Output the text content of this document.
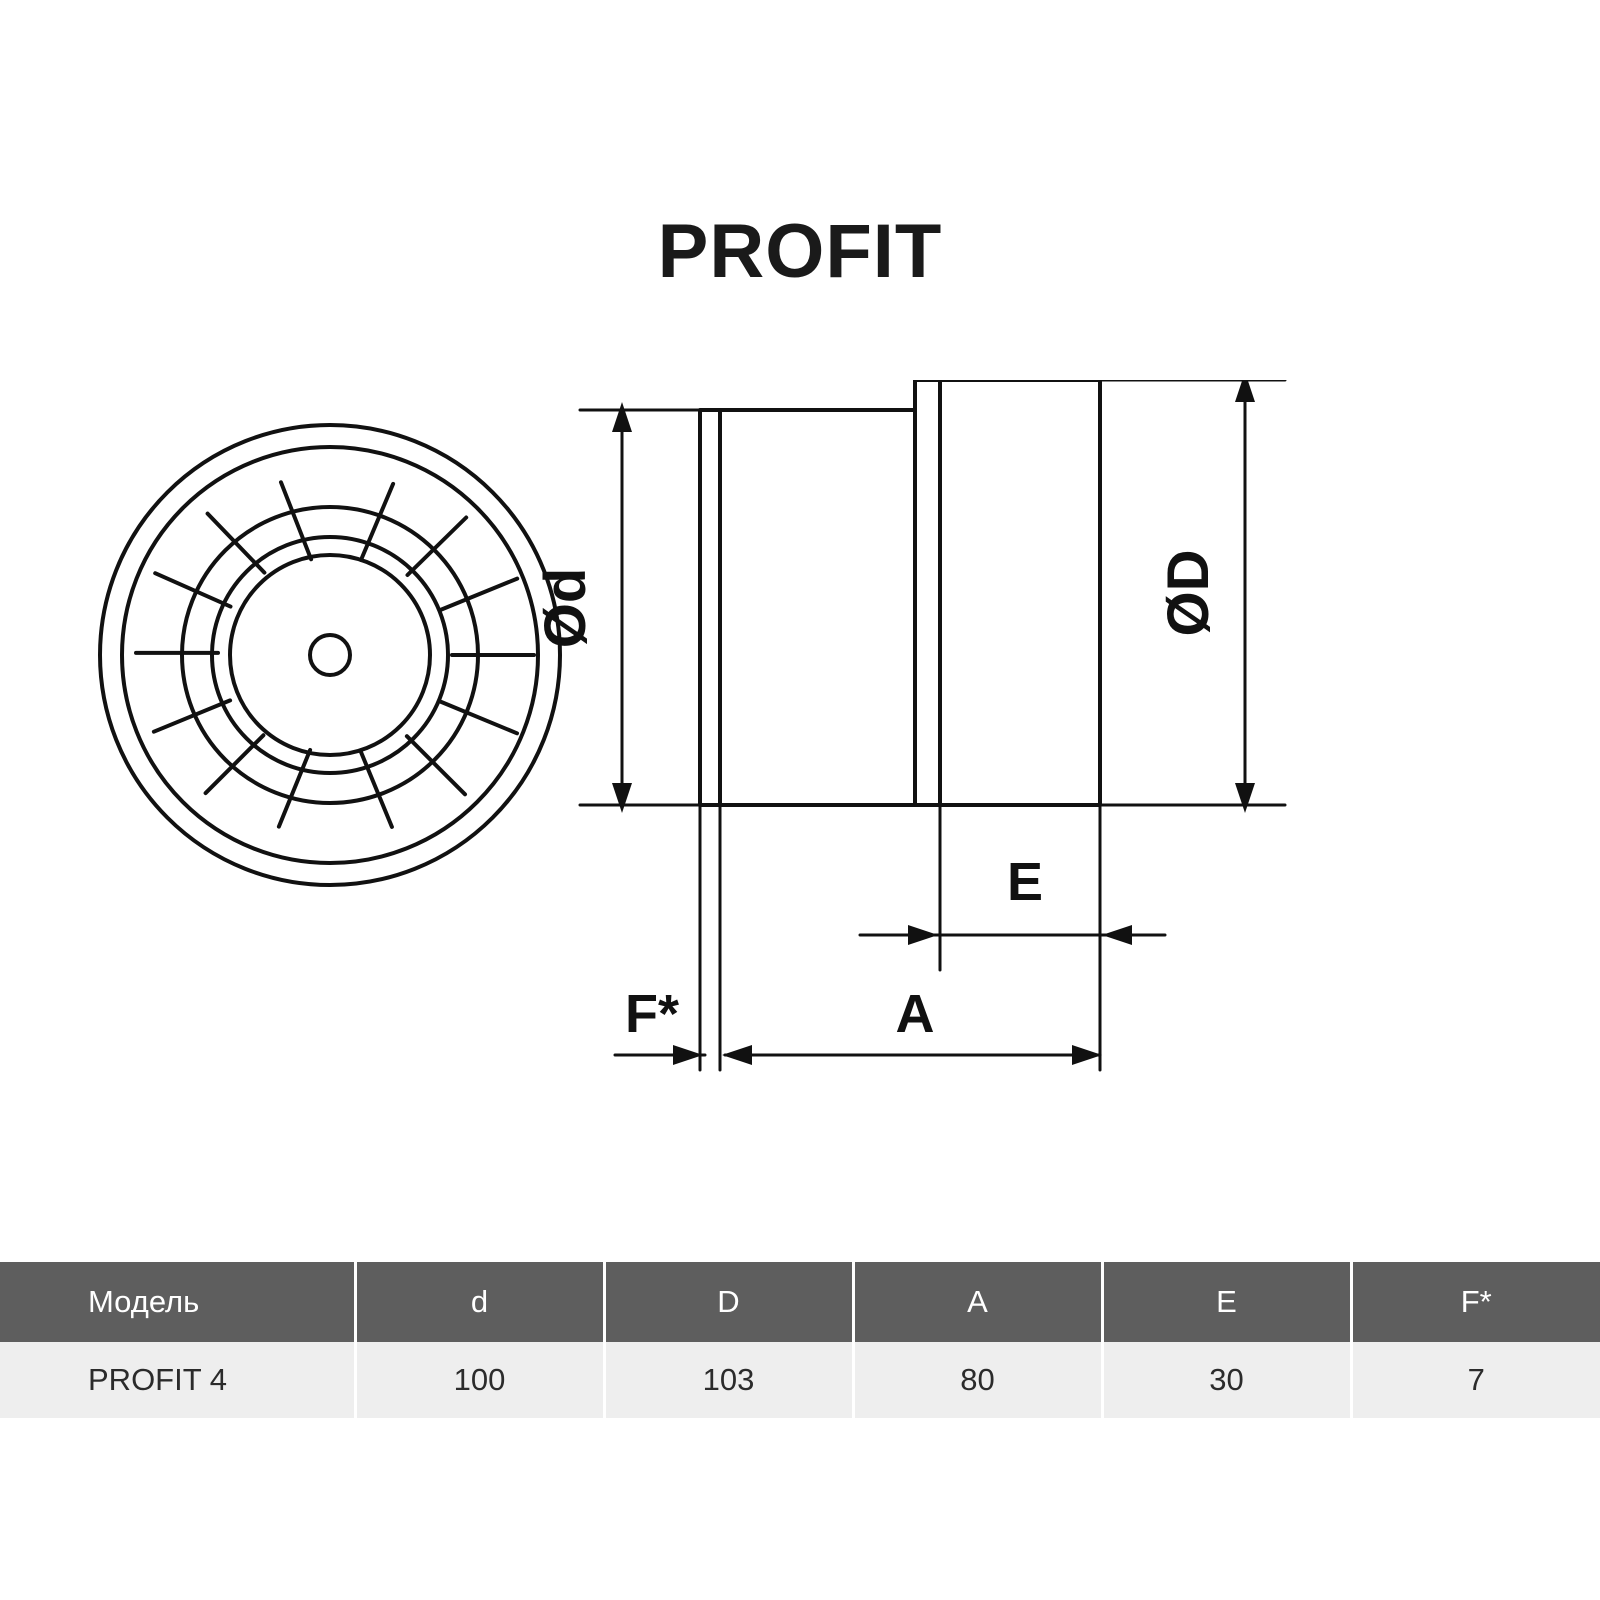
PROFIT
Ød	ØD
E
A
F*
Модель	d	D	A	E	F*
PROFIT 4	100	103	80	30	7
